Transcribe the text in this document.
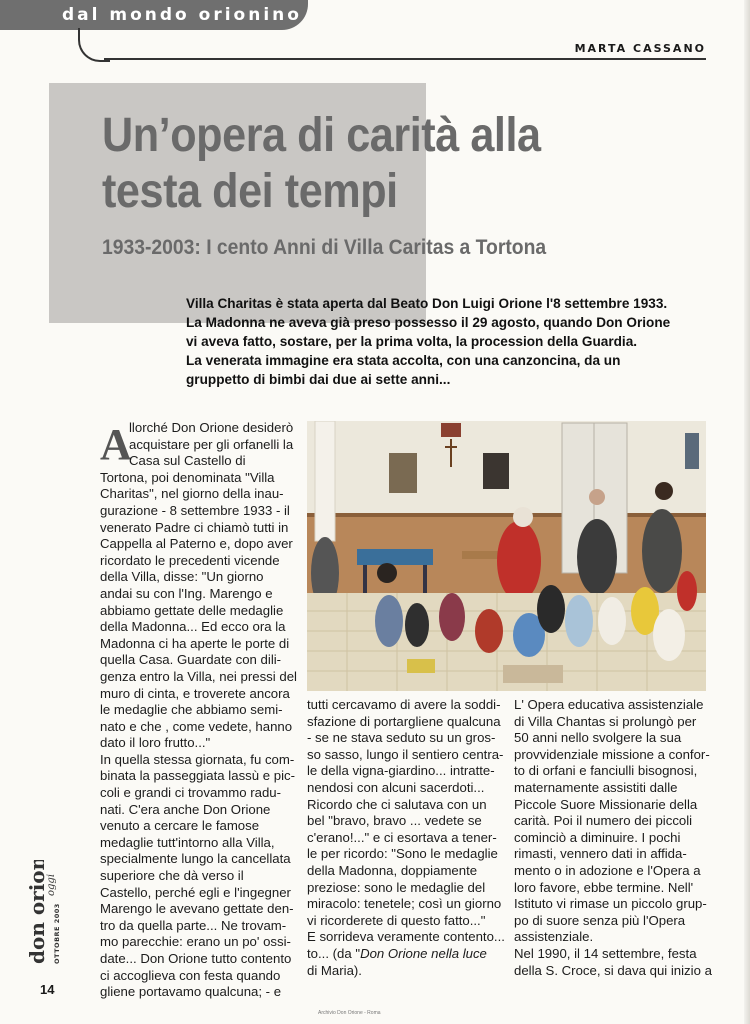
dal mondo orionino
MARTA CASSANO
Un’opera di carità alla
testa dei tempi
1933-2003: I cento Anni di Villa Caritas a Tortona
Villa Charitas è stata aperta dal Beato Don Luigi Orione l'8 settembre 1933.
La Madonna ne aveva già preso possesso il 29 agosto, quando Don Orione
vi aveva fatto, sostare, per la prima volta, la procession della Guardia.
La venerata immagine era stata accolta, con una canzoncina, da un
gruppetto di bimbi dai due ai sette anni...
A
llorché Don Orione desiderò
acquistare per gli orfanelli la
Casa sul Castello di
Tortona, poi denominata "Villa
Charitas", nel giorno della inau-
gurazione - 8 settembre 1933 - il
venerato Padre ci chiamò tutti in
Cappella al Paterno e, dopo aver
ricordato le precedenti vicende
della Villa, disse: "Un giorno
andai su con l'Ing. Marengo e
abbiamo gettate delle medaglie
della Madonna... Ed ecco ora la
Madonna ci ha aperte le porte di
quella Casa. Guardate con dili-
genza entro la Villa, nei pressi del
muro di cinta, e troverete ancora
le medaglie che abbiamo semi-
nato e che , come vedete, hanno
dato il loro frutto..."
In quella stessa giornata, fu com-
binata la passeggiata lassù e pic-
coli e grandi ci trovammo radu-
nati. C'era anche Don Orione
venuto a cercare le famose
medaglie tutt'intorno alla Villa,
specialmente lungo la cancellata
superiore che dà verso il
Castello, perché egli e l'ingegner
Marengo le avevano gettate den-
tro da quella parte... Ne trovam-
mo parecchie: erano un po' ossi-
date... Don Orione tutto contento
ci accoglieva con festa quando
gliene portavamo qualcuna; - e
tutti cercavamo di avere la soddi-
sfazione di portargliene qualcuna
- se ne stava seduto su un gros-
so sasso, lungo il sentiero centra-
le della vigna-giardino... intratte-
nendosi con alcuni sacerdoti...
Ricordo che ci salutava con un
bel "bravo, bravo ... vedete se
c'erano!..." e ci esortava a tener-
le per ricordo: "Sono le medaglie
della Madonna, doppiamente
preziose: sono le medaglie del
miracolo: tenetele; così un giorno
vi ricorderete di questo fatto..."
E sorrideva veramente contento...
to... (da "Don Orione nella luce
di Maria).
L' Opera educativa assistenziale
di Villa Chantas si prolungò per
50 anni nello svolgere la sua
provvidenziale missione a confor-
to di orfani e fanciulli bisognosi,
maternamente assistiti dalle
Piccole Suore Missionarie della
carità. Poi il numero dei piccoli
cominciò a diminuire. I pochi
rimasti, vennero dati in affida-
mento o in adozione e l'Opera a
loro favore, ebbe termine. Nell'
Istituto vi rimase un piccolo grup-
po di suore senza più l'Opera
assistenziale.
Nel 1990, il 14 settembre, festa
della S. Croce, si dava qui inizio a
don orione
oggi
OTTOBRE 2003
14
Archivio Don Orione - Roma
